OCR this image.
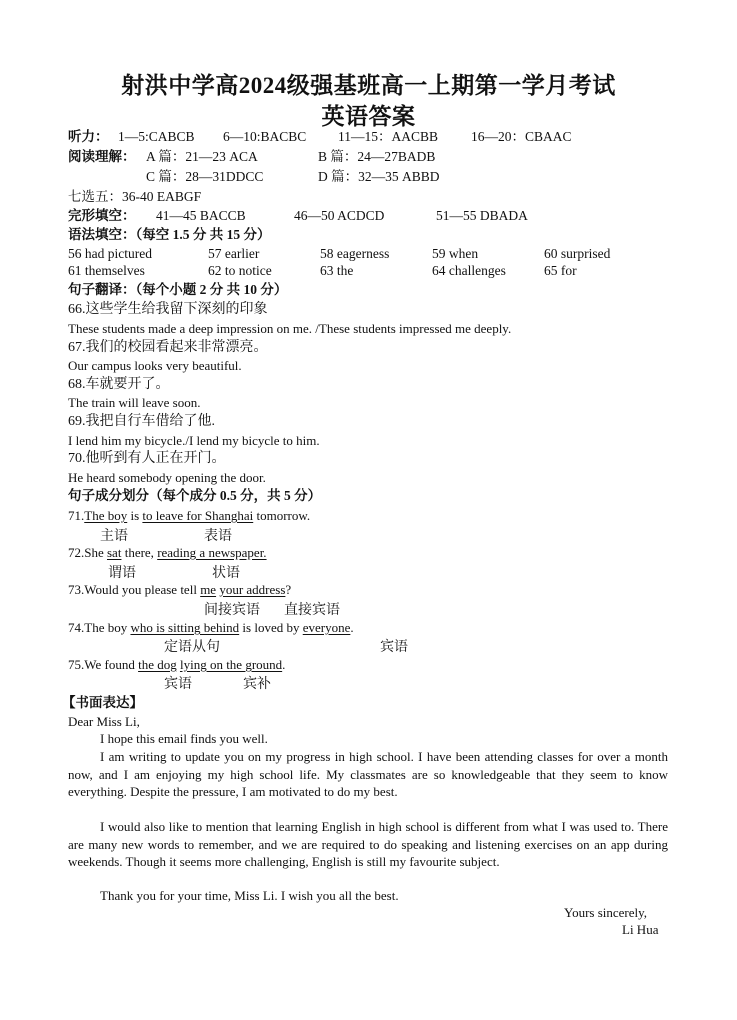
射洪中学高2024级强基班高一上期第一学月考试
英语答案
听力： 1—5:CABCB 6—10:BACBC 11—15：AACBB 16—20：CBAAC
阅读理解： A 篇：21—23 ACA	B 篇：24—27BADB
C 篇：28—31DDCC	D 篇：32—35 ABBD
七选五：36-40 EABGF
完形填空： 41—45 BACCB	46—50 ACDCD	51—55 DBADA
语法填空：（每空 1.5 分 共 15 分）
56 had pictured	57 earlier	58 eagerness	59 when	60 surprised
61 themselves	62 to notice	63 the	64 challenges	65 for
句子翻译：（每个小题 2 分 共 10 分）
66.这些学生给我留下深刻的印象
These students made a deep impression on me. /These students impressed me deeply.
67.我们的校园看起来非常漂亮。
Our campus looks very beautiful.
68.车就要开了。
The train will leave soon.
69.我把自行车借给了他.
I lend him my bicycle./I lend my bicycle to him.
70.他听到有人正在开门。
He heard somebody opening the door.
句子成分划分（每个成分 0.5 分，共 5 分）
71.The boy is to leave for Shanghai tomorrow.
主语	表语
72.She sat there, reading a newspaper.
谓语	状语
73.Would you please tell me your address?
间接宾语 直接宾语
74.The boy who is sitting behind is loved by everyone.
定语从句	宾语
75.We found the dog lying on the ground.
宾语	宾补
【书面表达】
Dear Miss Li,
I hope this email finds you well.
I am writing to update you on my progress in high school. I have been attending classes for over a month now, and I am enjoying my high school life. My classmates are so knowledgeable that they seem to know everything. Despite the pressure, I am motivated to do my best.
I would also like to mention that learning English in high school is different from what I was used to. There are many new words to remember, and we are required to do speaking and listening exercises on an app during weekends. Though it seems more challenging, English is still my favourite subject.
Thank you for your time, Miss Li. I wish you all the best.
Yours sincerely,
Li Hua
